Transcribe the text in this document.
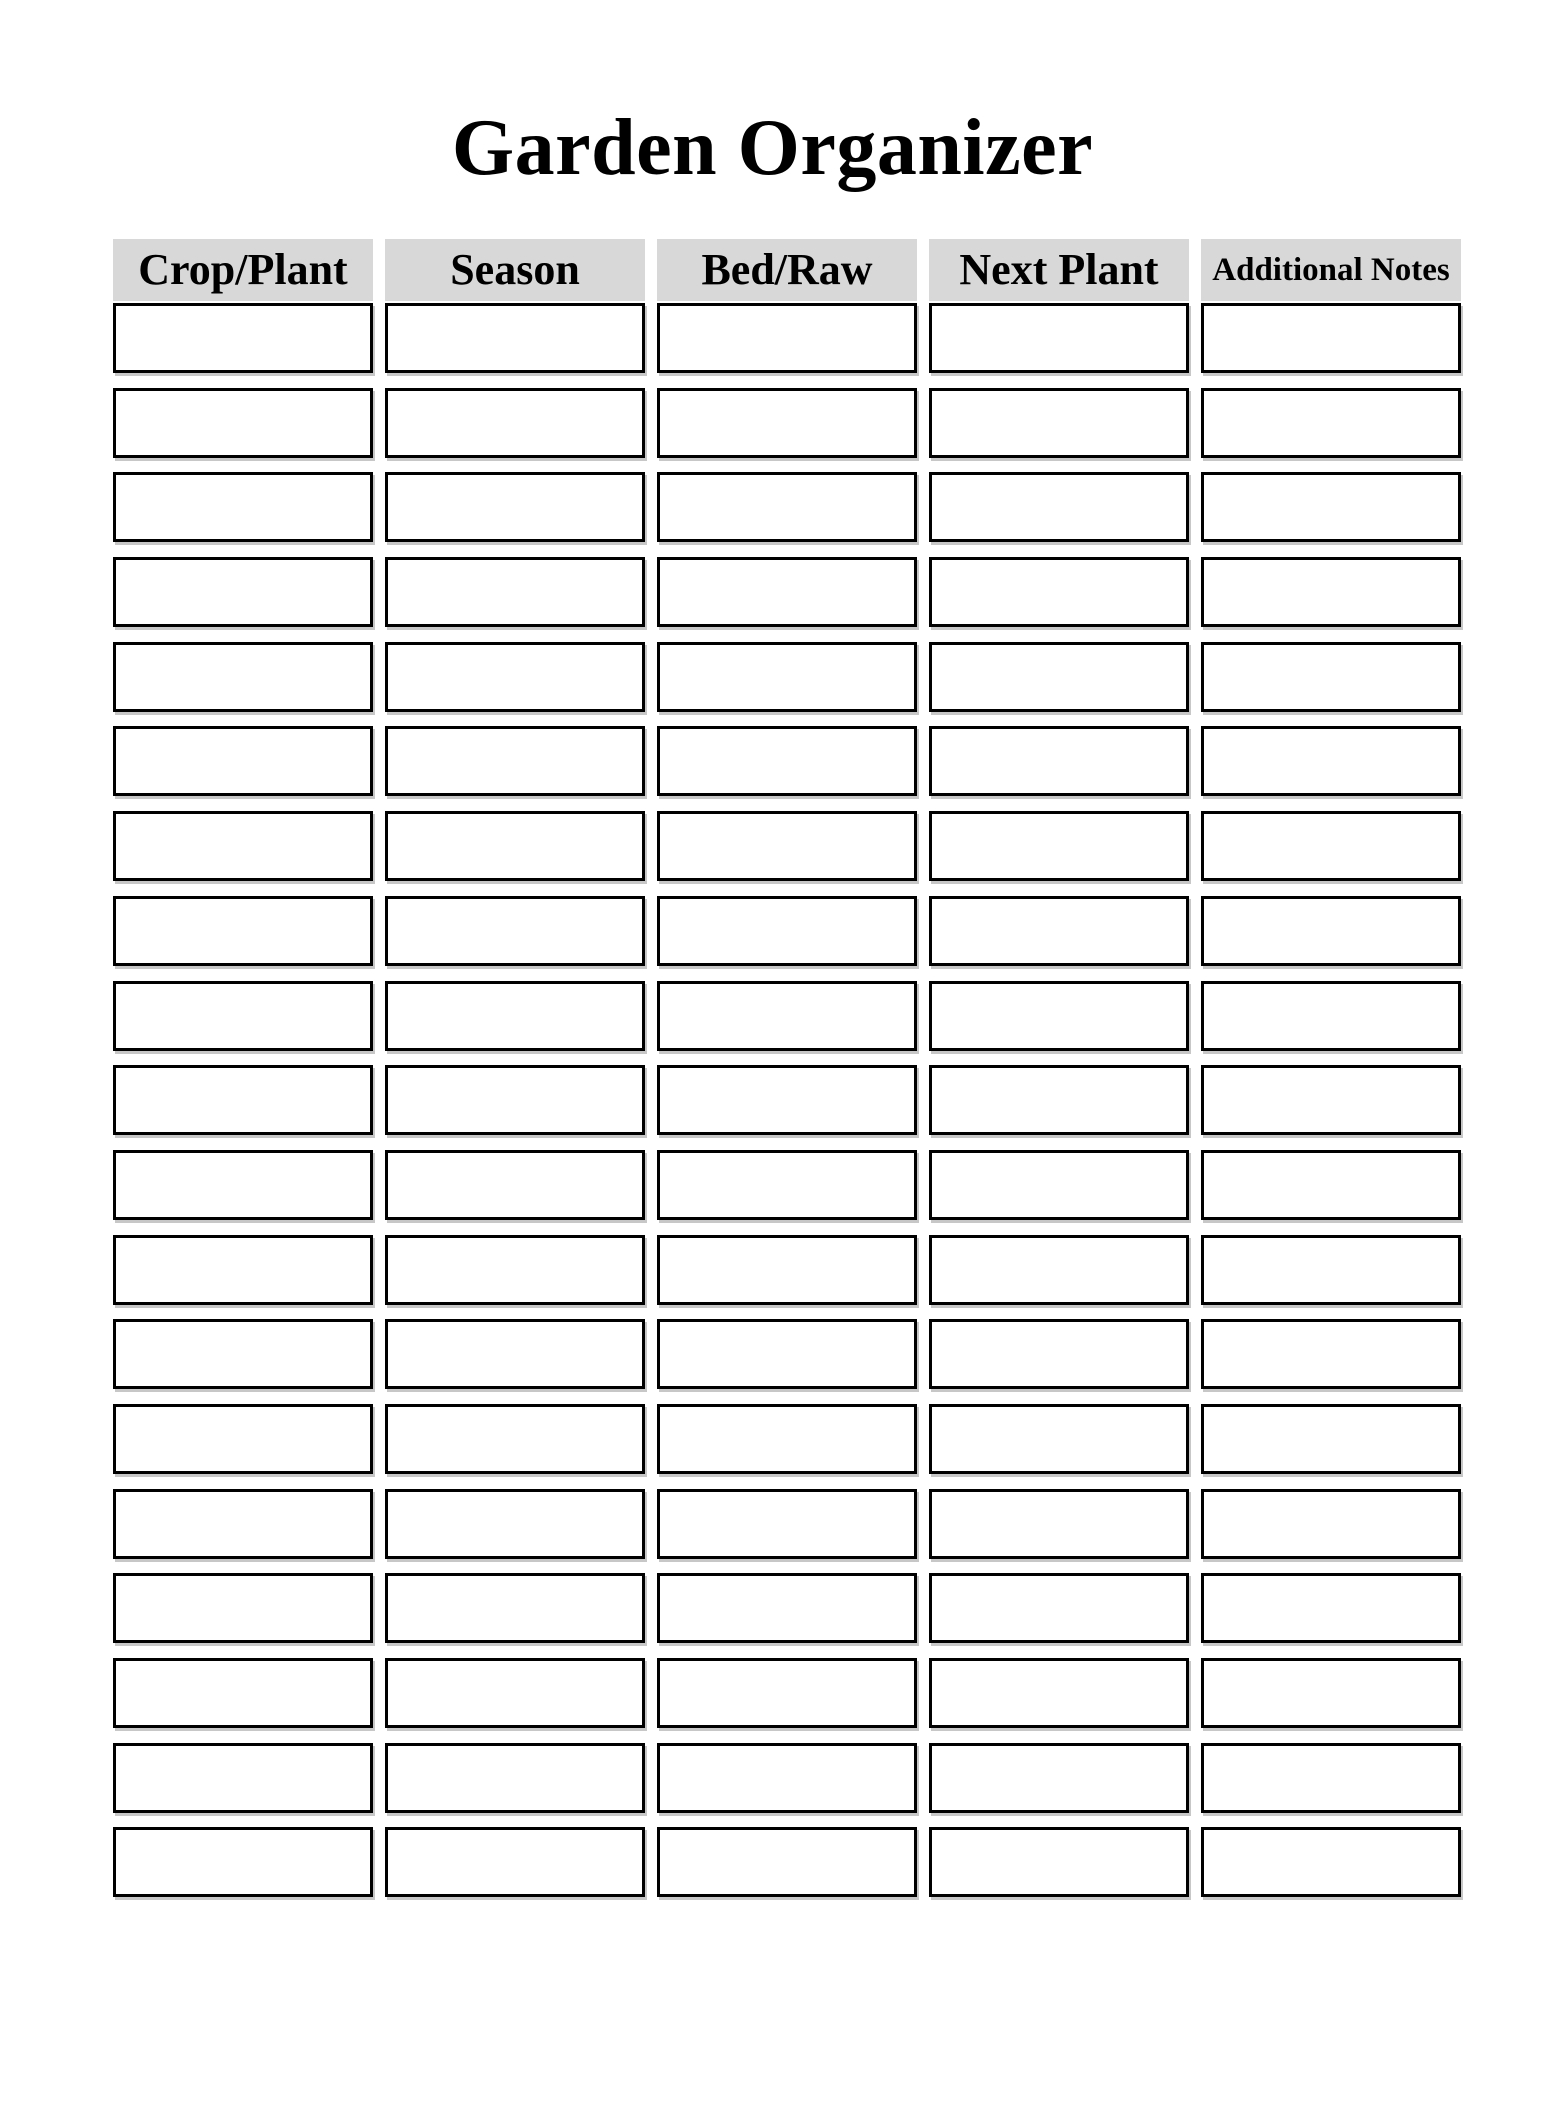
Garden Organizer
Crop/Plant	Season	Bed/Raw	Next Plant	Additional Notes
